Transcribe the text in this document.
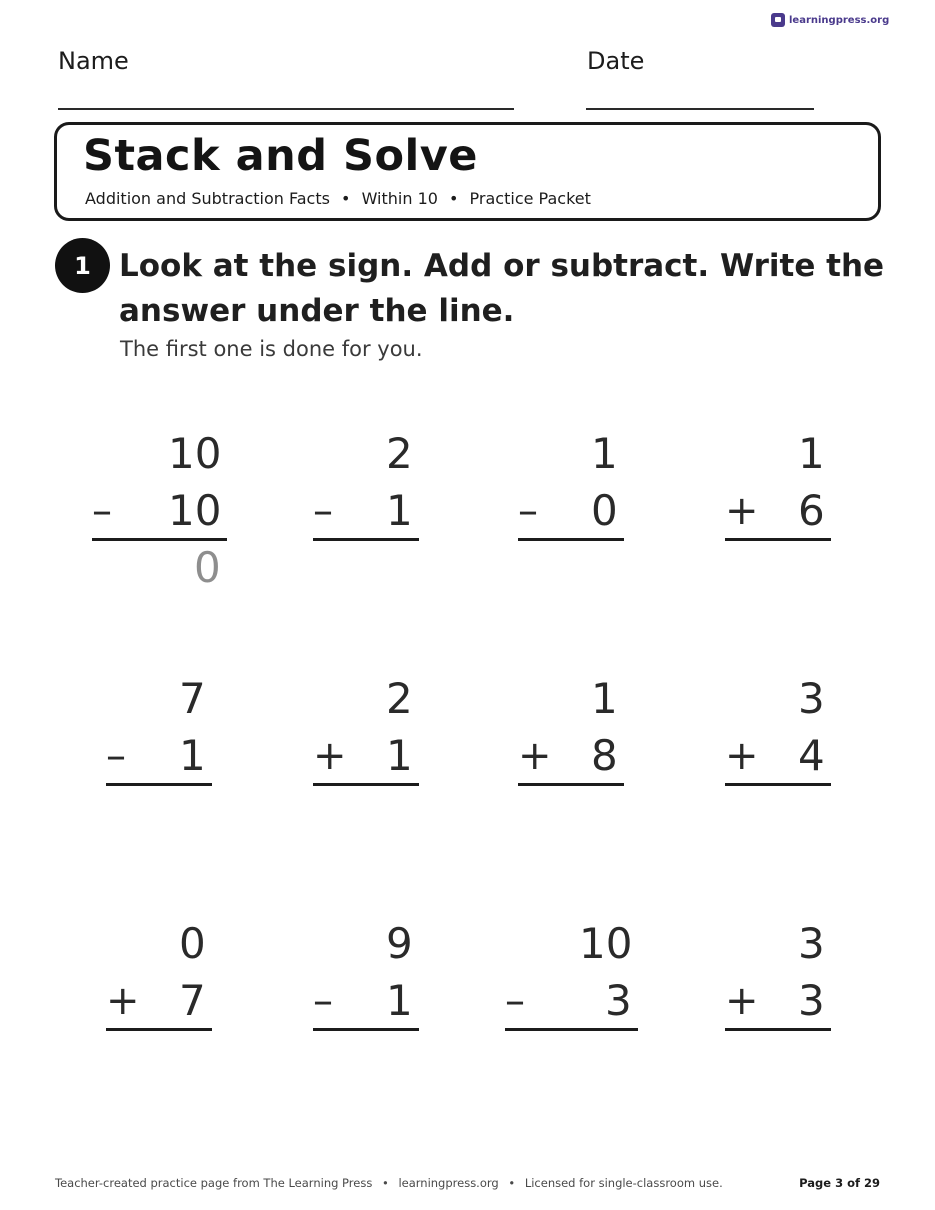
learningpress.org
Name	Date
Stack and Solve
Addition and Subtraction Facts • Within 10 • Practice Packet
1 Look at the sign. Add or subtract. Write the answer under the line.
The first one is done for you.
10
– 10
0
2
– 1
1
– 0
1
+ 6
7
– 1
2
+ 1
1
+ 8
3
+ 4
0
+ 7
9
– 1
10
– 3
3
+ 3
Teacher-created practice page from The Learning Press • learningpress.org • Licensed for single-classroom use.	Page 3 of 29
